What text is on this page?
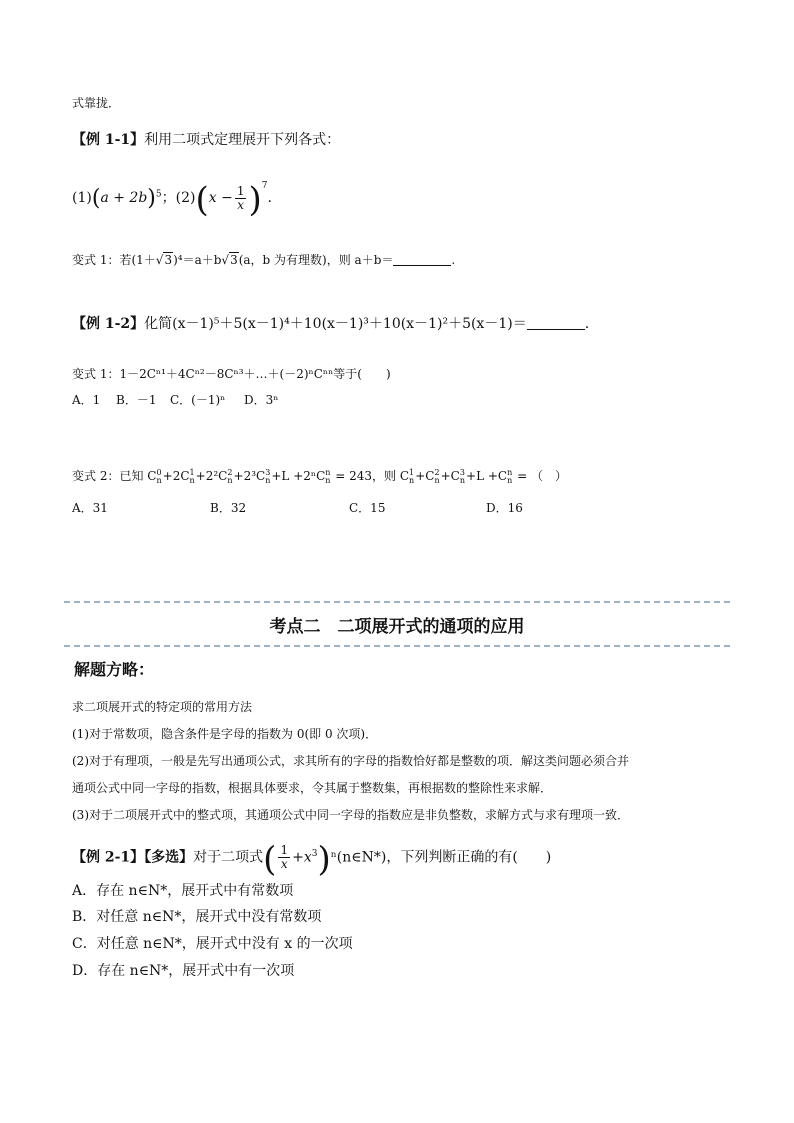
式靠拢．
【例 1-1】利用二项式定理展开下列各式：
$(1)(a + 2b)^5$；$(2)(x - \frac{1}{x} )^7$.
变式 1：若(1＋√3)⁴＝a＋b√3(a，b 为有理数)，则 a＋b＝	.
【例 1-2】化简(x－1)⁵＋5(x－1)⁴＋10(x－1)³＋10(x－1)²＋5(x－1)＝	.
变式 1：1－2Cⁿ¹＋4Cⁿ²－8Cⁿ³＋…＋(－2)ⁿCⁿⁿ等于(　　)
A．1 B．－1 C．(－1)ⁿ D．3ⁿ
变式 2：已知 C 0
n +2C 1
n +2²C 2
n +2³C 3
n +L +2ⁿC n
n = 243，则 C 1
n +C 2
n +C 3
n +L +C n
n = （　）
A．31	B．32	C．15	D．16
考点二　二项展开式的通项的应用
解题方略：
求二项展开式的特定项的常用方法
(1)对于常数项，隐含条件是字母的指数为 0(即 0 次项)．
(2)对于有理项，一般是先写出通项公式，求其所有的字母的指数恰好都是整数的项．解这类问题必须合并
通项公式中同一字母的指数，根据具体要求，令其属于整数集，再根据数的整除性来求解．
(3)对于二项展开式中的整式项，其通项公式中同一字母的指数应是非负整数，求解方式与求有理项一致．
【例 2-1】【多选】对于二项式( $\frac{1}{x}$ $+x^3)^n(n\in N*)$，下列判断正确的有(　　)
A．存在 n∈N*，展开式中有常数项
B．对任意 n∈N*，展开式中没有常数项
C．对任意 n∈N*，展开式中没有 x 的一次项
D．存在 n∈N*，展开式中有一次项
